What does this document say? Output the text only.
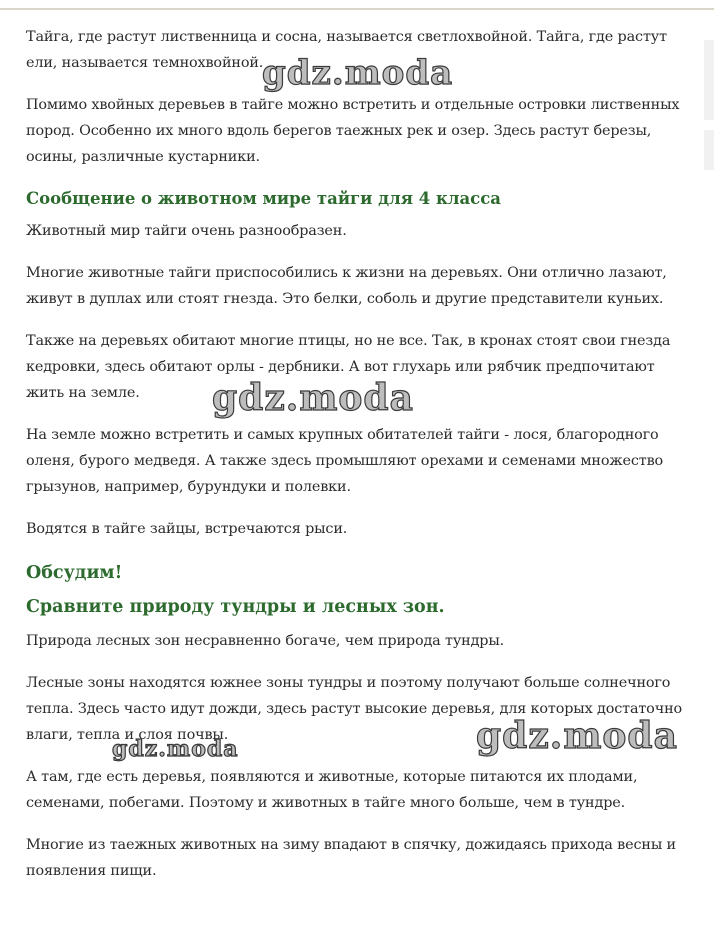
Тайга, где растут лиственница и сосна, называется светлохвойной. Тайга, где растут ели, называется темнохвойной.

Помимо хвойных деревьев в тайге можно встретить и отдельные островки лиственных пород. Особенно их много вдоль берегов таежных рек и озер. Здесь растут березы, осины, различные кустарники.

Сообщение о животном мире тайги для 4 класса

Животный мир тайги очень разнообразен.

Многие животные тайги приспособились к жизни на деревьях. Они отлично лазают, живут в дуплах или стоят гнезда. Это белки, соболь и другие представители куньих.

Также на деревьях обитают многие птицы, но не все. Так, в кронах стоят свои гнезда кедровки, здесь обитают орлы - дербники. А вот глухарь или рябчик предпочитают жить на земле.

На земле можно встретить и самых крупных обитателей тайги - лося, благородного оленя, бурого медведя. А также здесь промышляют орехами и семенами множество грызунов, например, бурундуки и полевки.

Водятся в тайге зайцы, встречаются рыси.

Обсудим!
Сравните природу тундры и лесных зон.

Природа лесных зон несравненно богаче, чем природа тундры.

Лесные зоны находятся южнее зоны тундры и поэтому получают больше солнечного тепла. Здесь часто идут дожди, здесь растут высокие деревья, для которых достаточно влаги, тепла и слоя почвы.

А там, где есть деревья, появляются и животные, которые питаются их плодами, семенами, побегами. Поэтому и животных в тайге много больше, чем в тундре.

Многие из таежных животных на зиму впадают в спячку, дожидаясь прихода весны и появления пищи.

gdz.moda
gdz.moda
gdz.moda	gdz.moda
